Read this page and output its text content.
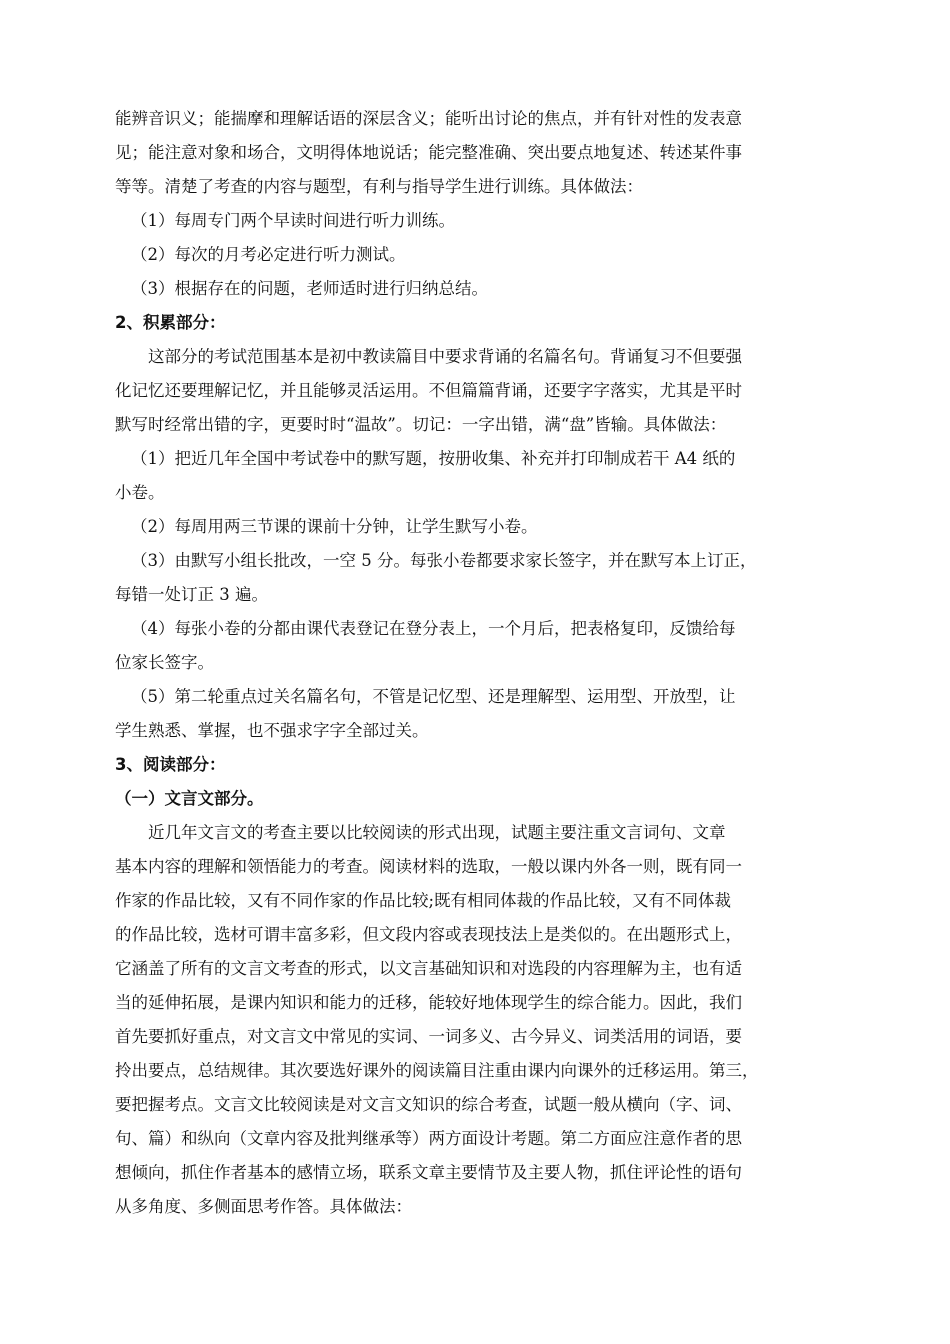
能辨音识义；能揣摩和理解话语的深层含义；能听出讨论的焦点，并有针对性的发表意
见；能注意对象和场合，文明得体地说话；能完整准确、突出要点地复述、转述某件事
等等。清楚了考查的内容与题型，有利与指导学生进行训练。具体做法：
（1）每周专门两个早读时间进行听力训练。
（2）每次的月考必定进行听力测试。
（3）根据存在的问题，老师适时进行归纳总结。
2、积累部分：
这部分的考试范围基本是初中教读篇目中要求背诵的名篇名句。背诵复习不但要强
化记忆还要理解记忆，并且能够灵活运用。不但篇篇背诵，还要字字落实，尤其是平时
默写时经常出错的字，更要时时“温故”。切记：一字出错，满“盘”皆输。具体做法：
（1）把近几年全国中考试卷中的默写题，按册收集、补充并打印制成若干 A4 纸的
小卷。
（2）每周用两三节课的课前十分钟，让学生默写小卷。
（3）由默写小组长批改，一空 5 分。每张小卷都要求家长签字，并在默写本上订正，
每错一处订正 3 遍。
（4）每张小卷的分都由课代表登记在登分表上，一个月后，把表格复印，反馈给每
位家长签字。
（5）第二轮重点过关名篇名句，不管是记忆型、还是理解型、运用型、开放型，让
学生熟悉、掌握，也不强求字字全部过关。
3、阅读部分：
（一）文言文部分。
近几年文言文的考查主要以比较阅读的形式出现，试题主要注重文言词句、文章
基本内容的理解和领悟能力的考查。阅读材料的选取，一般以课内外各一则，既有同一
作家的作品比较，又有不同作家的作品比较;既有相同体裁的作品比较，又有不同体裁
的作品比较，选材可谓丰富多彩，但文段内容或表现技法上是类似的。在出题形式上，
它涵盖了所有的文言文考查的形式，以文言基础知识和对选段的内容理解为主，也有适
当的延伸拓展，是课内知识和能力的迁移，能较好地体现学生的综合能力。因此，我们
首先要抓好重点，对文言文中常见的实词、一词多义、古今异义、词类活用的词语，要
拎出要点，总结规律。其次要选好课外的阅读篇目注重由课内向课外的迁移运用。第三，
要把握考点。文言文比较阅读是对文言文知识的综合考查，试题一般从横向（字、词、
句、篇）和纵向（文章内容及批判继承等）两方面设计考题。第二方面应注意作者的思
想倾向，抓住作者基本的感情立场，联系文章主要情节及主要人物，抓住评论性的语句
从多角度、多侧面思考作答。具体做法：
